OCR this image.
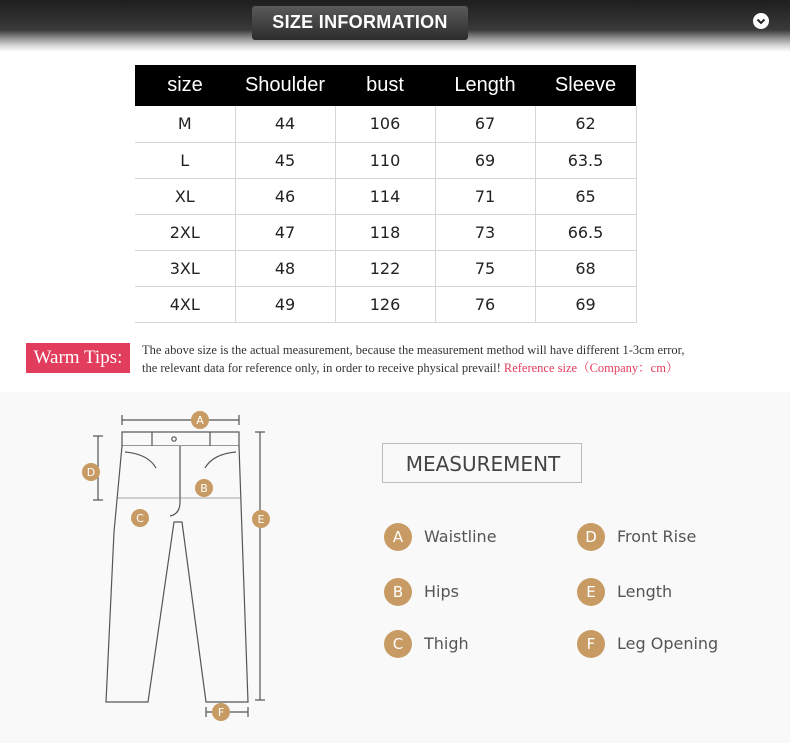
SIZE INFORMATION
size	Shoulder	bust	Length	Sleeve
M	44	106	67	62
L	45	110	69	63.5
XL	46	114	71	65
2XL	47	118	73	66.5
3XL	48	122	75	68
4XL	49	126	76	69
Warm Tips:	The above size is the actual measurement, because the measurement method will have different 1-3cm error,
the relevant data for reference only, in order to receive physical prevail! Reference size（Company：cm）
A
B
C
D
E
F
MEASUREMENT
A	Waistline
B	Hips
C	Thigh
D	Front Rise
E	Length
F	Leg Opening
